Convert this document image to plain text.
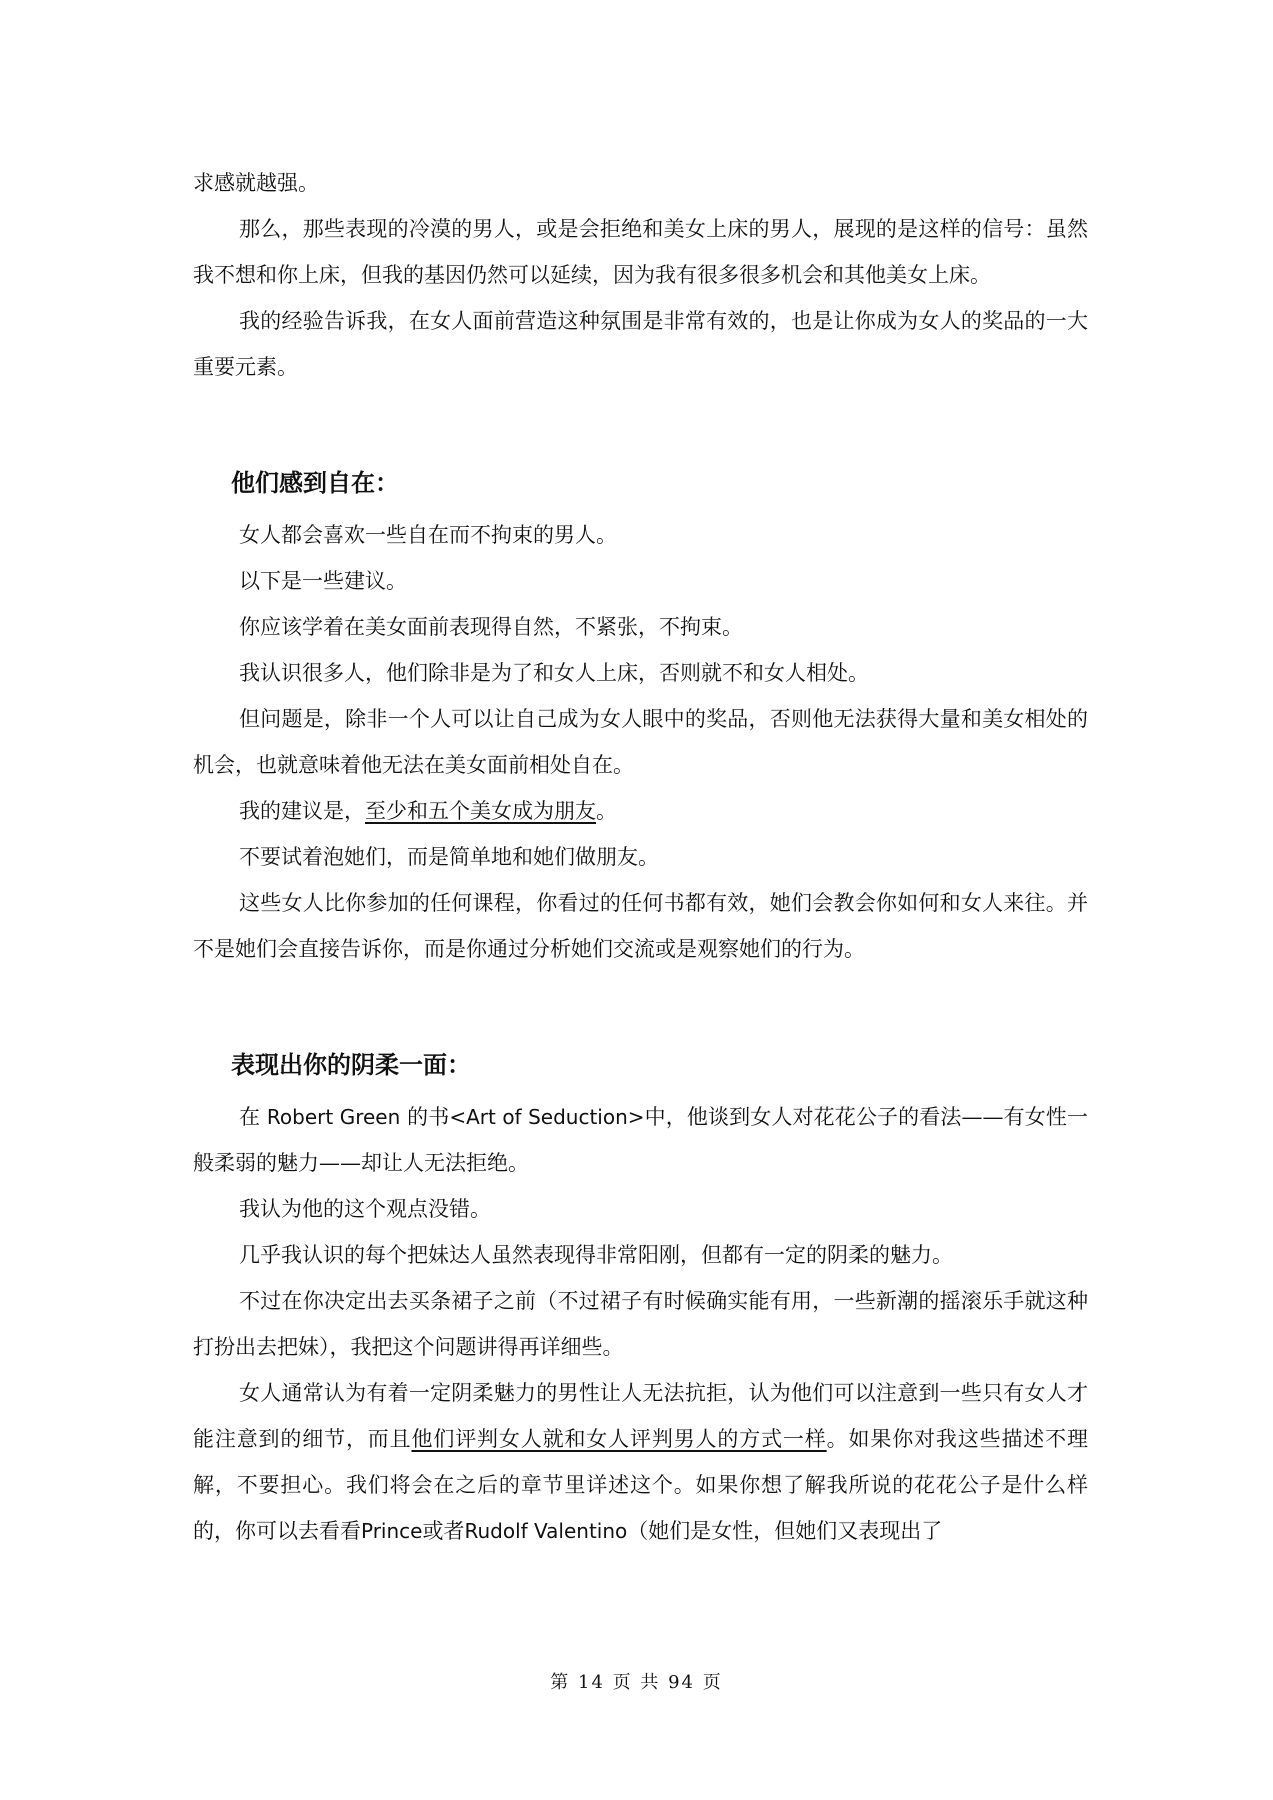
求感就越强。

那么，那些表现的冷漠的男人，或是会拒绝和美女上床的男人，展现的是这样的信号：虽然我不想和你上床，但我的基因仍然可以延续，因为我有很多很多机会和其他美女上床。

我的经验告诉我，在女人面前营造这种氛围是非常有效的，也是让你成为女人的奖品的一大重要元素。

他们感到自在：

女人都会喜欢一些自在而不拘束的男人。

以下是一些建议。

你应该学着在美女面前表现得自然，不紧张，不拘束。

我认识很多人，他们除非是为了和女人上床，否则就不和女人相处。

但问题是，除非一个人可以让自己成为女人眼中的奖品，否则他无法获得大量和美女相处的机会，也就意味着他无法在美女面前相处自在。

我的建议是，至少和五个美女成为朋友。

不要试着泡她们，而是简单地和她们做朋友。

这些女人比你参加的任何课程，你看过的任何书都有效，她们会教会你如何和女人来往。并不是她们会直接告诉你，而是你通过分析她们交流或是观察她们的行为。

表现出你的阴柔一面：

在 Robert Green 的书<Art of Seduction>中，他谈到女人对花花公子的看法——有女性一般柔弱的魅力——却让人无法拒绝。

我认为他的这个观点没错。

几乎我认识的每个把妹达人虽然表现得非常阳刚，但都有一定的阴柔的魅力。

不过在你决定出去买条裙子之前（不过裙子有时候确实能有用，一些新潮的摇滚乐手就这种打扮出去把妹），我把这个问题讲得再详细些。

女人通常认为有着一定阴柔魅力的男性让人无法抗拒，认为他们可以注意到一些只有女人才能注意到的细节，而且他们评判女人就和女人评判男人的方式一样。如果你对我这些描述不理解，不要担心。我们将会在之后的章节里详述这个。如果你想了解我所说的花花公子是什么样的，你可以去看看Prince或者Rudolf Valentino（她们是女性，但她们又表现出了

第 14 页 共 94 页
